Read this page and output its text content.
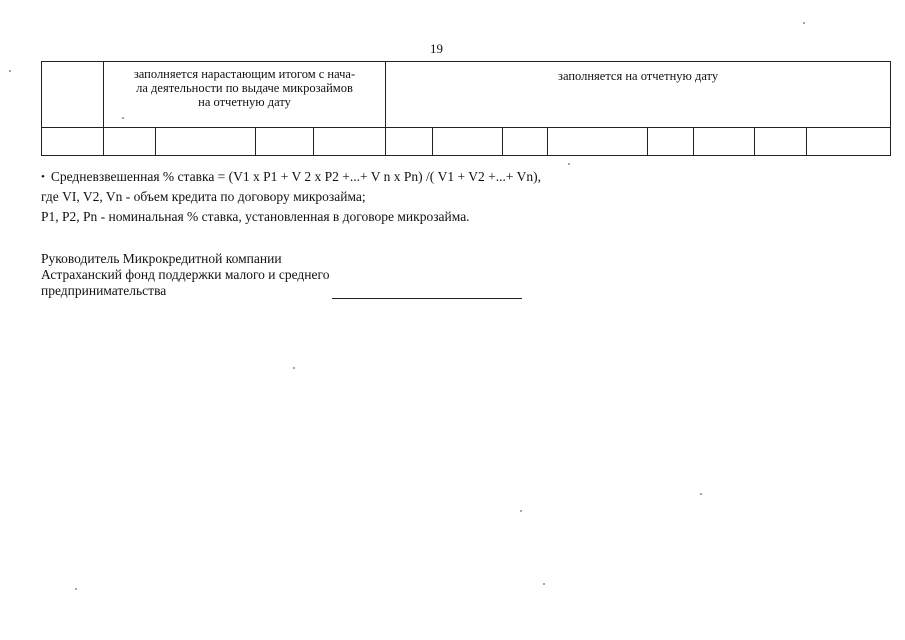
19

	заполняется нарастающим итогом с нача-
ла деятельности по выдаче микрозаймов
на отчетную дату				заполняется на отчетную дату							

• Средневзвешенная % ставка = (V1 x P1 + V 2 x P2 +...+ V n x Pn) /( V1 + V2 +...+ Vn),
где VI, V2, Vn - объем кредита по договору микрозайма;
P1, P2, Pn - номинальная % ставка, установленная в договоре микрозайма.
Руководитель Микрокредитной компании
Астраханский фонд поддержки малого и среднего
предпринимательства
